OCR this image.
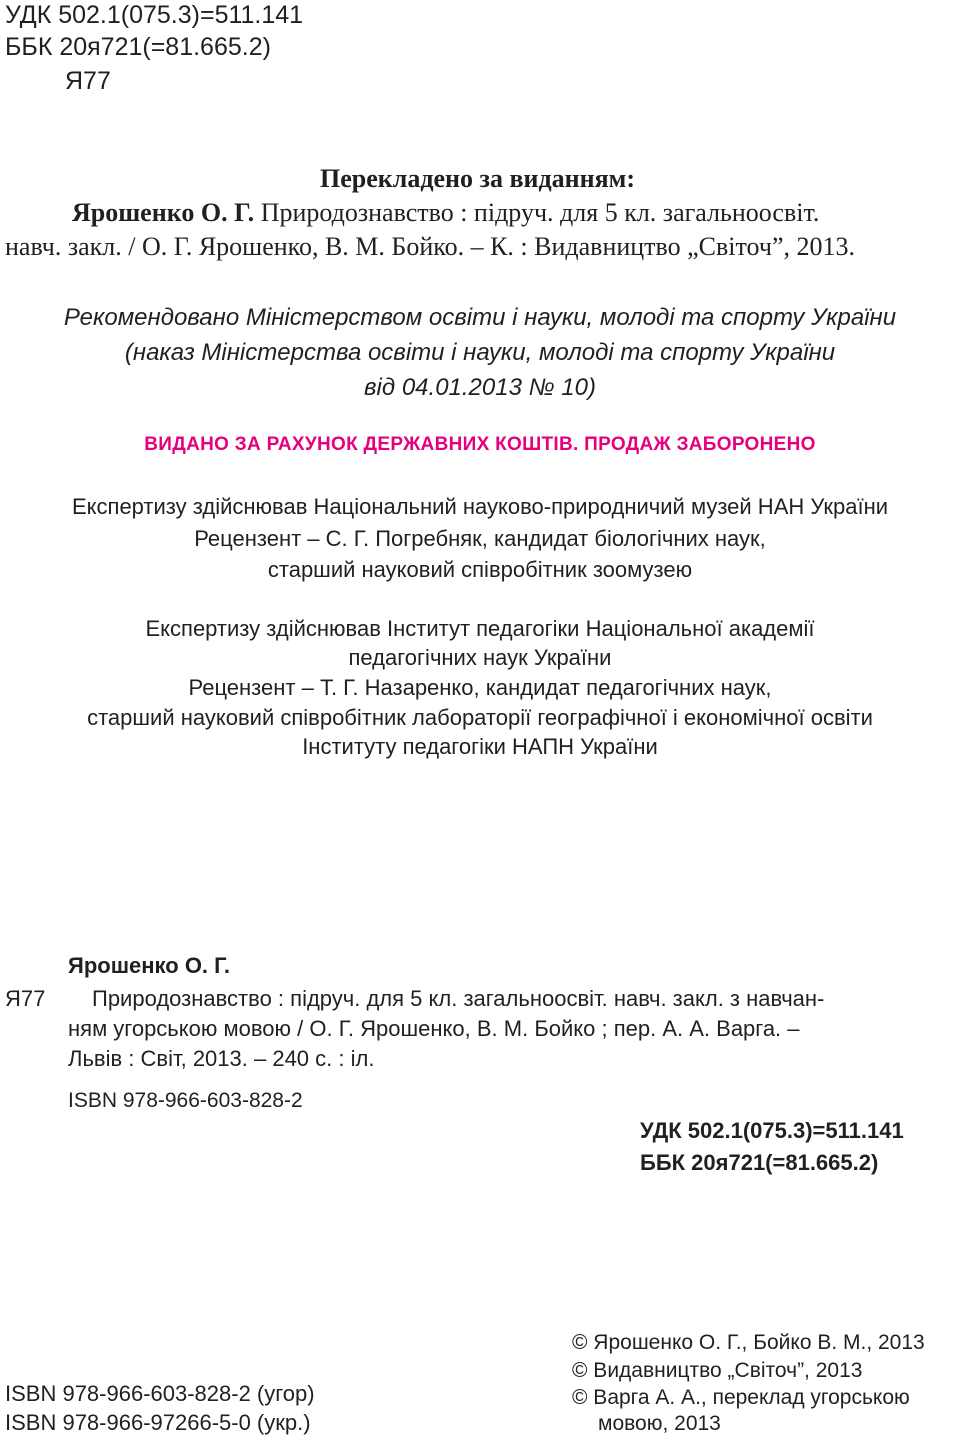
УДК 502.1(075.3)=511.141
ББК 20я721(=81.665.2)
Я77
Перекладено за виданням:
Ярошенко О. Г. Природознавство : підруч. для 5 кл. загальноосвіт.
навч. закл. / О. Г. Ярошенко, В. М. Бойко. – К. : Видавництво „Світоч”, 2013.
Рекомендовано Міністерством освіти і науки, молоді та спорту України
(наказ Міністерства освіти і науки, молоді та спорту України
від 04.01.2013 № 10)
ВИДАНО ЗА РАХУНОК ДЕРЖАВНИХ КОШТІВ. ПРОДАЖ ЗАБОРОНЕНО
Експертизу здійснював Національний науково-природничий музей НАН України
Рецензент – С. Г. Погребняк, кандидат біологічних наук,
старший науковий співробітник зоомузею
Експертизу здійснював Інститут педагогіки Національної академії
педагогічних наук України
Рецензент – Т. Г. Назаренко, кандидат педагогічних наук,
старший науковий співробітник лабораторії географічної і економічної освіти
Інституту педагогіки НАПН України
Ярошенко О. Г.
Я77 Природознавство : підруч. для 5 кл. загальноосвіт. навч. закл. з навчан-
ням угорською мовою / О. Г. Ярошенко, В. М. Бойко ; пер. А. А. Варга. –
Львів : Світ, 2013. – 240 с. : іл.
ISBN 978-966-603-828-2
УДК 502.1(075.3)=511.141
ББК 20я721(=81.665.2)
© Ярошенко О. Г., Бойко В. М., 2013
© Видавництво „Світоч”, 2013
© Варга А. А., переклад угорською
мовою, 2013
ISBN 978-966-603-828-2 (угор)
ISBN 978-966-97266-5-0 (укр.)
